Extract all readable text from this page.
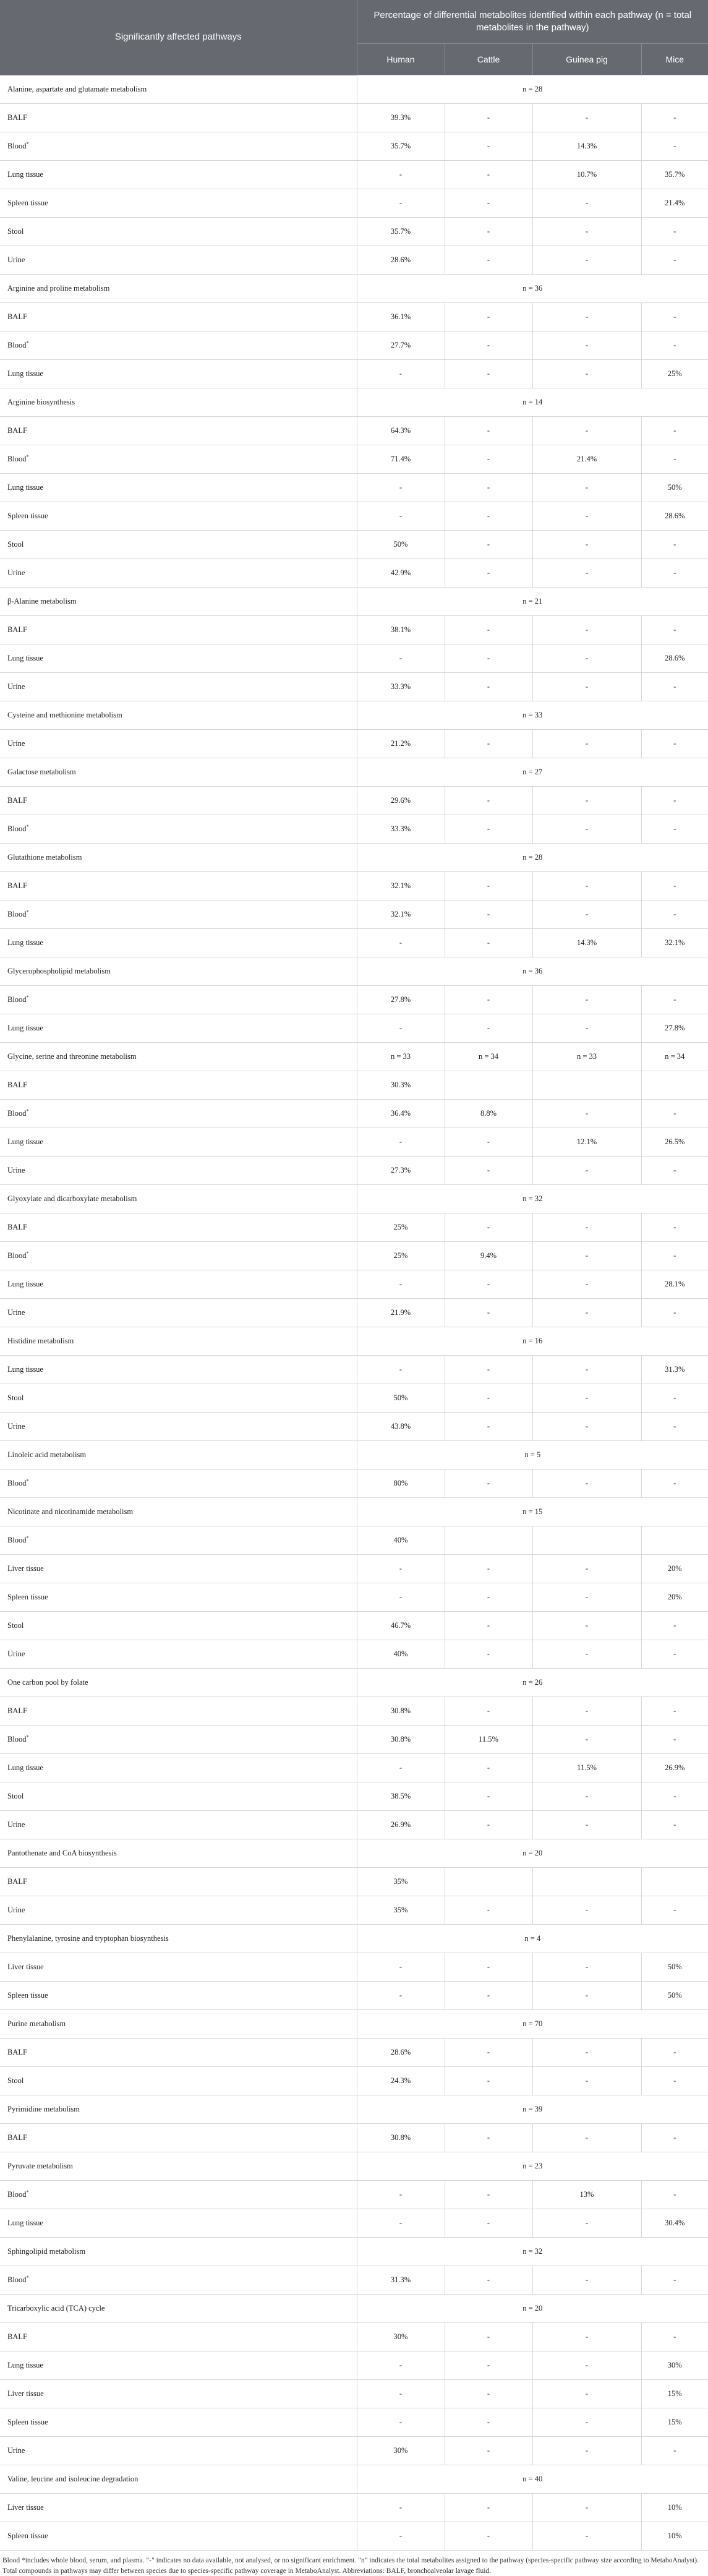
Significantly affected pathways	Percentage of differential metabolites identified within each pathway (n = total metabolites in the pathway)			
	Human	Cattle	Guinea pig	Mice
Alanine, aspartate and glutamate metabolism	n = 28			
BALF	39.3%	-	-	-
Blood*	35.7%	-	14.3%	-
Lung tissue	-	-	10.7%	35.7%
Spleen tissue	-	-	-	21.4%
Stool	35.7%	-	-	-
Urine	28.6%	-	-	-
Arginine and proline metabolism	n = 36			
BALF	36.1%	-	-	-
Blood*	27.7%	-	-	-
Lung tissue	-	-	-	25%
Arginine biosynthesis	n = 14			
BALF	64.3%	-	-	-
Blood*	71.4%	-	21.4%	-
Lung tissue	-	-	-	50%
Spleen tissue	-	-	-	28.6%
Stool	50%	-	-	-
Urine	42.9%	-	-	-
β-Alanine metabolism	n = 21			
BALF	38.1%	-	-	-
Lung tissue	-	-	-	28.6%
Urine	33.3%	-	-	-
Cysteine and methionine metabolism	n = 33			
Urine	21.2%	-	-	-
Galactose metabolism	n = 27			
BALF	29.6%	-	-	-
Blood*	33.3%	-	-	-
Glutathione metabolism	n = 28			
BALF	32.1%	-	-	-
Blood*	32.1%	-	-	-
Lung tissue	-	-	14.3%	32.1%
Glycerophospholipid metabolism	n = 36			
Blood*	27.8%	-	-	-
Lung tissue	-	-	-	27.8%
Glycine, serine and threonine metabolism	n = 33	n = 34	n = 33	n = 34
BALF	30.3%			
Blood*	36.4%	8.8%	-	-
Lung tissue	-	-	12.1%	26.5%
Urine	27.3%	-	-	-
Glyoxylate and dicarboxylate metabolism	n = 32			
BALF	25%	-	-	-
Blood*	25%	9.4%	-	-
Lung tissue	-	-	-	28.1%
Urine	21.9%	-	-	-
Histidine metabolism	n = 16			
Lung tissue	-	-	-	31.3%
Stool	50%	-	-	-
Urine	43.8%	-	-	-
Linoleic acid metabolism	n = 5			
Blood*	80%	-	-	-
Nicotinate and nicotinamide metabolism	n = 15			
Blood*	40%			
Liver tissue	-	-	-	20%
Spleen tissue	-	-	-	20%
Stool	46.7%	-	-	-
Urine	40%	-	-	-
One carbon pool by folate	n = 26			
BALF	30.8%	-	-	-
Blood*	30.8%	11.5%	-	-
Lung tissue	-	-	11.5%	26.9%
Stool	38.5%	-	-	-
Urine	26.9%	-	-	-
Pantothenate and CoA biosynthesis	n = 20			
BALF	35%			
Urine	35%	-	-	-
Phenylalanine, tyrosine and tryptophan biosynthesis	n = 4			
Liver tissue	-	-	-	50%
Spleen tissue	-	-	-	50%
Purine metabolism	n = 70			
BALF	28.6%	-	-	-
Stool	24.3%	-	-	-
Pyrimidine metabolism	n = 39			
BALF	30.8%	-	-	-
Pyruvate metabolism	n = 23			
Blood*	-	-	13%	-
Lung tissue	-	-	-	30.4%
Sphingolipid metabolism	n = 32			
Blood*	31.3%	-	-	-
Tricarboxylic acid (TCA) cycle	n = 20			
BALF	30%	-	-	-
Lung tissue	-	-	-	30%
Liver tissue	-	-	-	15%
Spleen tissue	-	-	-	15%
Urine	30%	-	-	-
Valine, leucine and isoleucine degradation	n = 40			
Liver tissue	-	-	-	10%
Spleen tissue	-	-	-	10%
Blood *includes whole blood, serum, and plasma. "-" indicates no data available, not analysed, or no significant enrichment. "n" indicates the total metabolites assigned to the pathway (species-specific pathway size according to MetaboAnalyst). Total compounds in pathways may differ between species due to species-specific pathway coverage in MetaboAnalyst. Abbreviations: BALF, bronchoalveolar lavage fluid.
